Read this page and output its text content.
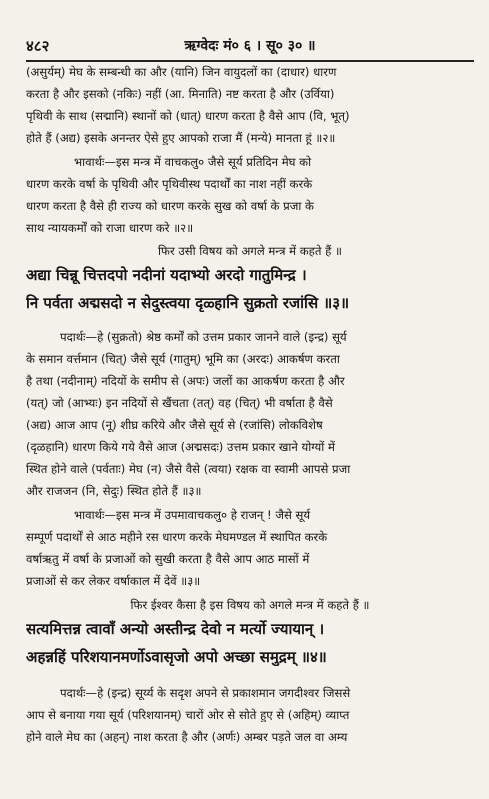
४८२	ऋग्वेदः मं० ६ । सू० ३० ॥
(असुर्यम्) मेघ के सम्बन्धी का और (यानि) जिन वायुदलों का (दाधार) धारण
करता है और इसको (नकिः) नहीं (आ. मिनाति) नष्ट करता है और (उर्विया)
पृथिवी के साथ (सद्मानि) स्थानों को (धात्) धारण करता है वैसे आप (वि, भूत्)
होते हैं (अद्य) इसके अनन्तर ऐसे हुए आपको राजा मैं (मन्ये) मानता हूं ॥२॥
भावार्थः—इस मन्त्र में वाचकलु० जैसे सूर्य प्रतिदिन मेघ को
धारण करके वर्षा के पृथिवी और पृथिवीस्थ पदार्थों का नाश नहीं करके
धारण करता है वैसे ही राज्य को धारण करके सुख को वर्षा के प्रजा के
साथ न्यायकर्मों को राजा धारण करे ॥२॥
फिर उसी विषय को अगले मन्त्र में कहते हैं ॥
अद्या चिन्नू चित्तदपो नदीनां यदाभ्यो अरदो गातुमिन्द्र ।
नि पर्वता अद्मसदो न सेदुस्त्वया दृळ्हानि सुक्रतो रजांसि ॥३॥
पदार्थः—हे (सुक्रतो) श्रेष्ठ कर्मों को उत्तम प्रकार जानने वाले (इन्द्र) सूर्य
के समान वर्त्तमान (चित्) जैसे सूर्य (गातुम्) भूमि का (अरदः) आकर्षण करता
है तथा (नदीनाम्) नदियों के समीप से (अपः) जलों का आकर्षण करता है और
(यत्) जो (आभ्यः) इन नदियों से खैंचता (तत्) वह (चित्) भी वर्षाता है वैसे
(अद्य) आज आप (नू) शीघ्र करिये और जैसे सूर्य से (रजांसि) लोकविशेष
(दृळहानि) धारण किये गये वैसे आज (अद्मसदः) उत्तम प्रकार खाने योग्यों में
स्थित होने वाले (पर्वताः) मेघ (न) जैसे वैसे (त्वया) रक्षक वा स्वामी आपसे प्रजा
और राजजन (नि, सेदुः) स्थित होते हैं ॥३॥
भावार्थः—इस मन्त्र में उपमावाचकलु० हे राजन् ! जैसे सूर्य
सम्पूर्ण पदार्थों से आठ महीने रस धारण करके मेघमण्डल में स्थापित करके
वर्षाऋतु में वर्षा के प्रजाओं को सुखी करता है वैसे आप आठ मासों में
प्रजाओं से कर लेकर वर्षाकाल में देवें ॥३॥
फिर ईश्वर कैसा है इस विषय को अगले मन्त्र में कहते हैं ॥
सत्यमित्तन्न त्वावाँ अन्यो अस्तीन्द्र देवो न मर्त्यो ज्यायान् ।
अहन्नहिं परिशयानमर्णोऽवासृजो अपो अच्छा समुद्रम् ॥४॥
पदार्थः—हे (इन्द्र) सूर्य्य के सदृश अपने से प्रकाशमान जगदीश्वर जिससे
आप से बनाया गया सूर्य (परिशयानम्) चारों ओर से सोते हुए से (अहिम्) व्याप्त
होने वाले मेघ का (अहन्) नाश करता है और (अर्णः) अम्बर पड़ते जल वा अम्य
